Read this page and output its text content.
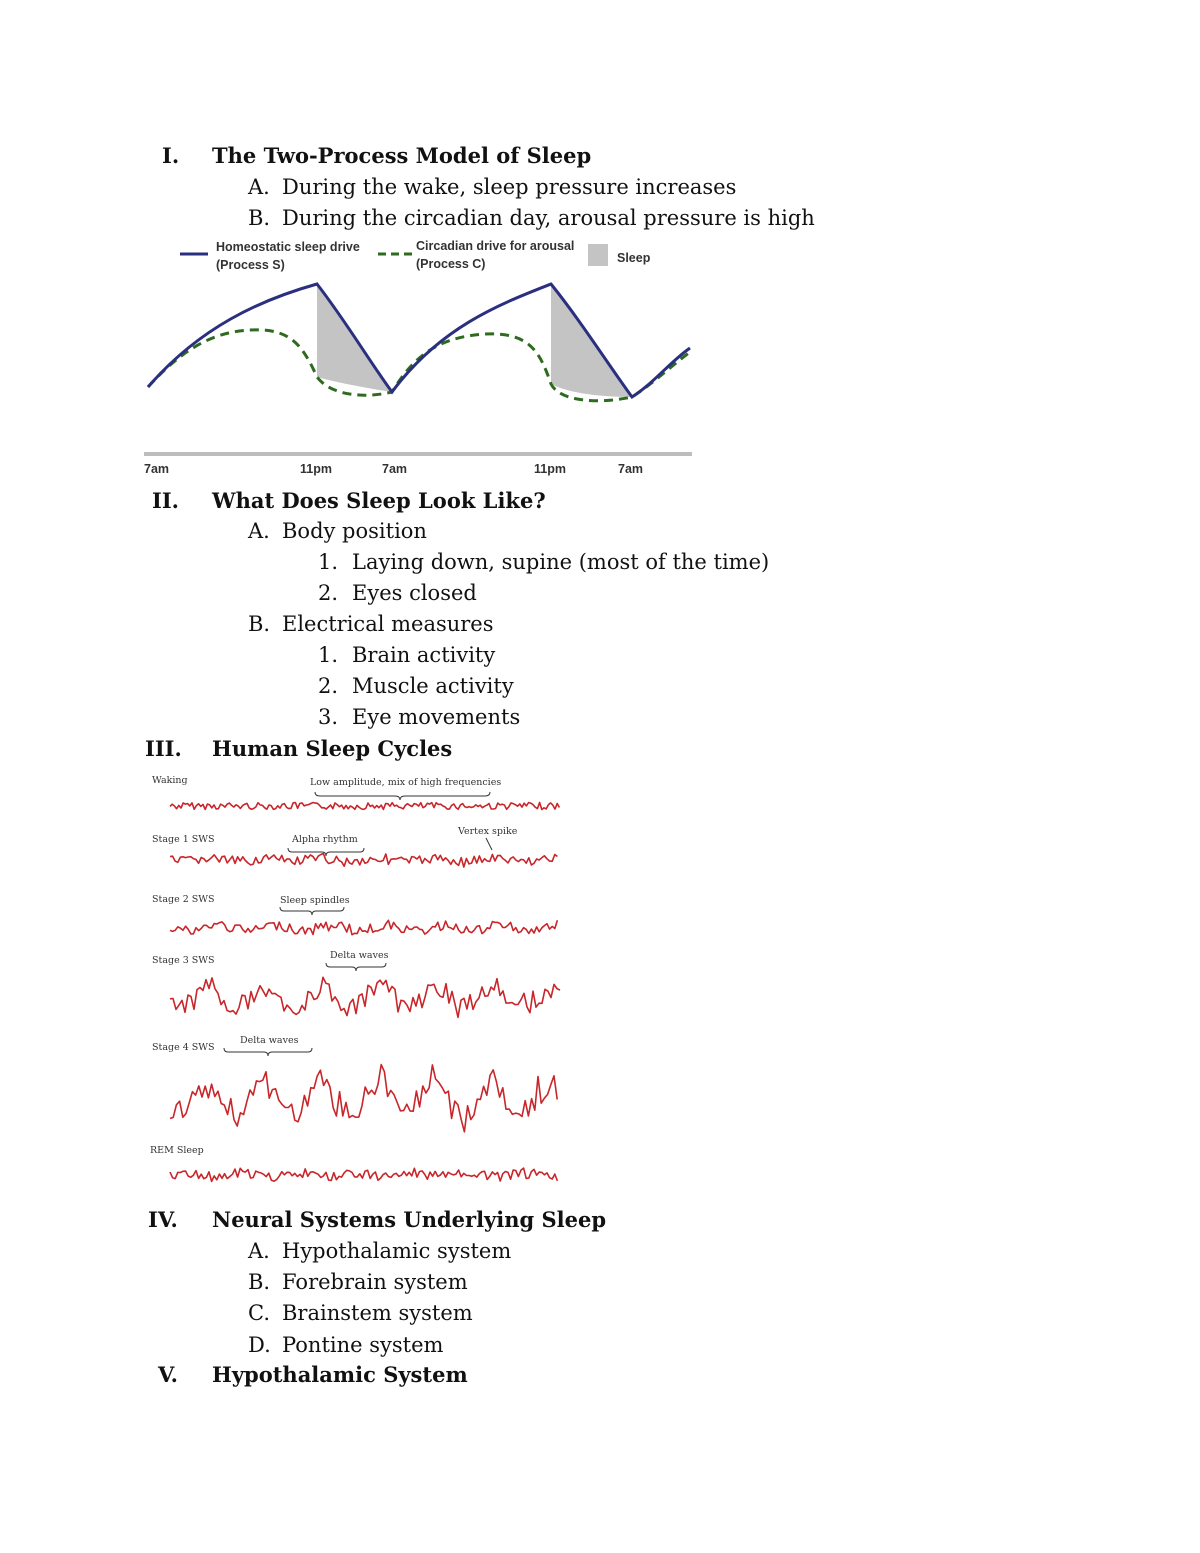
I. The Two-Process Model of Sleep
A. During the wake, sleep pressure increases
B. During the circadian day, arousal pressure is high
Homeostatic sleep drive
(Process S)
Circadian drive for arousal
(Process C)	Sleep
7am	11pm	7am	11pm	7am
II. What Does Sleep Look Like?
A. Body position
1. Laying down, supine (most of the time)
2. Eyes closed
B. Electrical measures
1. Brain activity
2. Muscle activity
3. Eye movements
III. Human Sleep Cycles
Waking
Stage 1 SWS
Stage 2 SWS
Stage 3 SWS
Stage 4 SWS
REM Sleep
Low amplitude, mix of high frequencies
Alpha rhythm
Vertex spike
Sleep spindles
Delta waves
Delta waves
IV. Neural Systems Underlying Sleep
A. Hypothalamic system
B. Forebrain system
C. Brainstem system
D. Pontine system
V. Hypothalamic System
